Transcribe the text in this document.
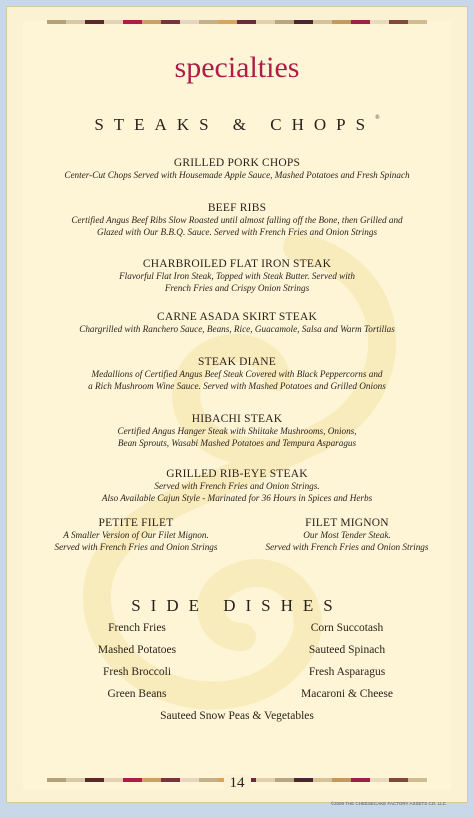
specialties
STEAKS & CHOPS®
GRILLED PORK CHOPS
Center-Cut Chops Served with Housemade Apple Sauce, Mashed Potatoes and Fresh Spinach
BEEF RIBS
Certified Angus Beef Ribs Slow Roasted until almost falling off the Bone, then Grilled and
Glazed with Our B.B.Q. Sauce. Served with French Fries and Onion Strings
CHARBROILED FLAT IRON STEAK
Flavorful Flat Iron Steak, Topped with Steak Butter. Served with
French Fries and Crispy Onion Strings
CARNE ASADA SKIRT STEAK
Chargrilled with Ranchero Sauce, Beans, Rice, Guacamole, Salsa and Warm Tortillas
STEAK DIANE
Medallions of Certified Angus Beef Steak Covered with Black Peppercorns and
a Rich Mushroom Wine Sauce. Served with Mashed Potatoes and Grilled Onions
HIBACHI STEAK
Certified Angus Hanger Steak with Shiitake Mushrooms, Onions,
Bean Sprouts, Wasabi Mashed Potatoes and Tempura Asparagus
GRILLED RIB-EYE STEAK
Served with French Fries and Onion Strings.
Also Available Cajun Style - Marinated for 36 Hours in Spices and Herbs
PETITE FILET
A Smaller Version of Our Filet Mignon.
Served with French Fries and Onion Strings
FILET MIGNON
Our Most Tender Steak.
Served with French Fries and Onion Strings
SIDE DISHES
French Fries
Mashed Potatoes
Fresh Broccoli
Green Beans
Corn Succotash
Sauteed Spinach
Fresh Asparagus
Macaroni & Cheese
Sauteed Snow Peas & Vegetables
14
©2009 THE CHEESECAKE FACTORY ASSETS CO. LLC
